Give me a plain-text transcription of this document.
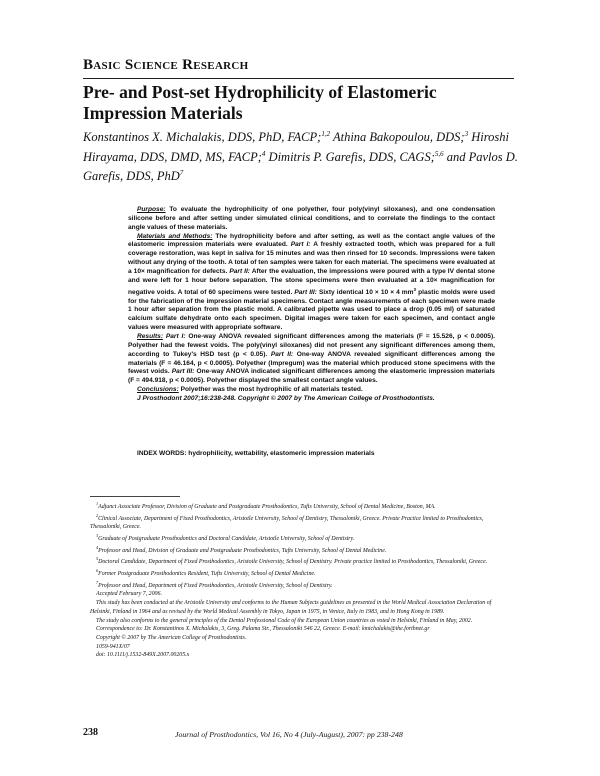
Basic Science Research
Pre- and Post-set Hydrophilicity of Elastomeric Impression Materials

Konstantinos X. Michalakis, DDS, PhD, FACP;$^{1,2}$ Athina Bakopoulou, DDS;$^3$ Hiroshi Hirayama, DDS, DMD, MS, FACP;$^4$ Dimitris P. Garefis, DDS, CAGS;$^{5,6}$ and Pavlos D. Garefis, DDS, PhD$^7$

Purpose: To evaluate the hydrophilicity of one polyether, four poly(vinyl siloxanes), and one condensation silicone before and after setting under simulated clinical conditions, and to correlate the findings to the contact angle values of these materials.

Materials and Methods: The hydrophilicity before and after setting, as well as the contact angle values of the elastomeric impression materials were evaluated. Part I: A freshly extracted tooth, which was prepared for a full coverage restoration, was kept in saliva for 15 minutes and was then rinsed for 10 seconds. Impressions were taken without any drying of the tooth. A total of ten samples were taken for each material. The specimens were evaluated at a 10× magnification for defects. Part II: After the evaluation, the impressions were poured with a type IV dental stone and were left for 1 hour before separation. The stone specimens were then evaluated at a 10× magnification for negative voids. A total of 60 specimens were tested. Part III: Sixty identical 10 × 10 × 4 $mm^3$ plastic molds were used for the fabrication of the impression material specimens. Contact angle measurements of each specimen were made 1 hour after separation from the plastic mold. A calibrated pipette was used to place a drop (0.05 ml) of saturated calcium sulfate dehydrate onto each specimen. Digital images were taken for each specimen, and contact angle values were measured with appropriate software.

Results: Part I: One-way ANOVA revealed significant differences among the materials (F = 15.526, p < 0.0005). Polyether had the fewest voids. The poly(vinyl siloxanes) did not present any significant differences among them, according to Tukey's HSD test (p < 0.05). Part II: One-way ANOVA revealed significant differences among the materials (F = 46.164, p < 0.0005). Polyether (Impregum) was the material which produced stone specimens with the fewest voids. Part III: One-way ANOVA indicated significant differences among the elastomeric impression materials (F = 494.918, p < 0.0005). Polyether displayed the smallest contact angle values.

Conclusions: Polyether was the most hydrophilic of all materials tested.

J Prosthodont 2007;16:238-248. Copyright © 2007 by The American College of Prosthodontists.

INDEX WORDS: hydrophilicity, wettability, elastomeric impression materials

$^1$Adjunct Associate Professor, Division of Graduate and Postgraduate Prosthodontics, Tufts University, School of Dental Medicine, Boston, MA.

$^2$Clinical Associate, Department of Fixed Prosthodontics, Aristotle University, School of Dentistry, Thessaloniki, Greece. Private Practice limited to Prosthodontics, Thessaloniki, Greece.

$^3$Graduate of Postgraduate Prosthodontics and Doctoral Candidate, Aristotle University, School of Dentistry.

$^4$Professor and Head, Division of Graduate and Postgraduate Prosthodontics, Tufts University, School of Dental Medicine.

$^5$Doctoral Candidate, Department of Fixed Prosthodontics, Aristotle University, School of Dentistry. Private practice limited to Prosthodontics, Thessaloniki, Greece.

$^6$Former Postgraduate Prosthodontics Resident, Tufts University, School of Dental Medicine.

$^7$Professor and Head, Department of Fixed Prosthodontics, Aristotle University, School of Dentistry.

Accepted February 7, 2006.

This study has been conducted at the Aristotle University and conforms to the Human Subjects guidelines as presented in the World Medical Association Declaration of Helsinki, Finland in 1964 and as revised by the World Medical Assembly in Tokyo, Japan in 1975, in Venice, Italy in 1983, and in Hong Kong in 1989.

The study also conforms to the general principles of the Dental Professional Code of the European Union countries as voted in Helsinki, Finland in May, 2002.

Correspondence to: Dr. Konstantinos X. Michalakis, 3, Greg. Palama Str., Thessaloniki 546 22, Greece. E-mail: kmichalakis@the.forthnet.gr

Copyright © 2007 by The American College of Prosthodontists.

1059-941X/07

doi: 10.1111/j.1532-849X.2007.00205.x

238	Journal of Prosthodontics, Vol 16, No 4 (July-August), 2007: pp 238-248
